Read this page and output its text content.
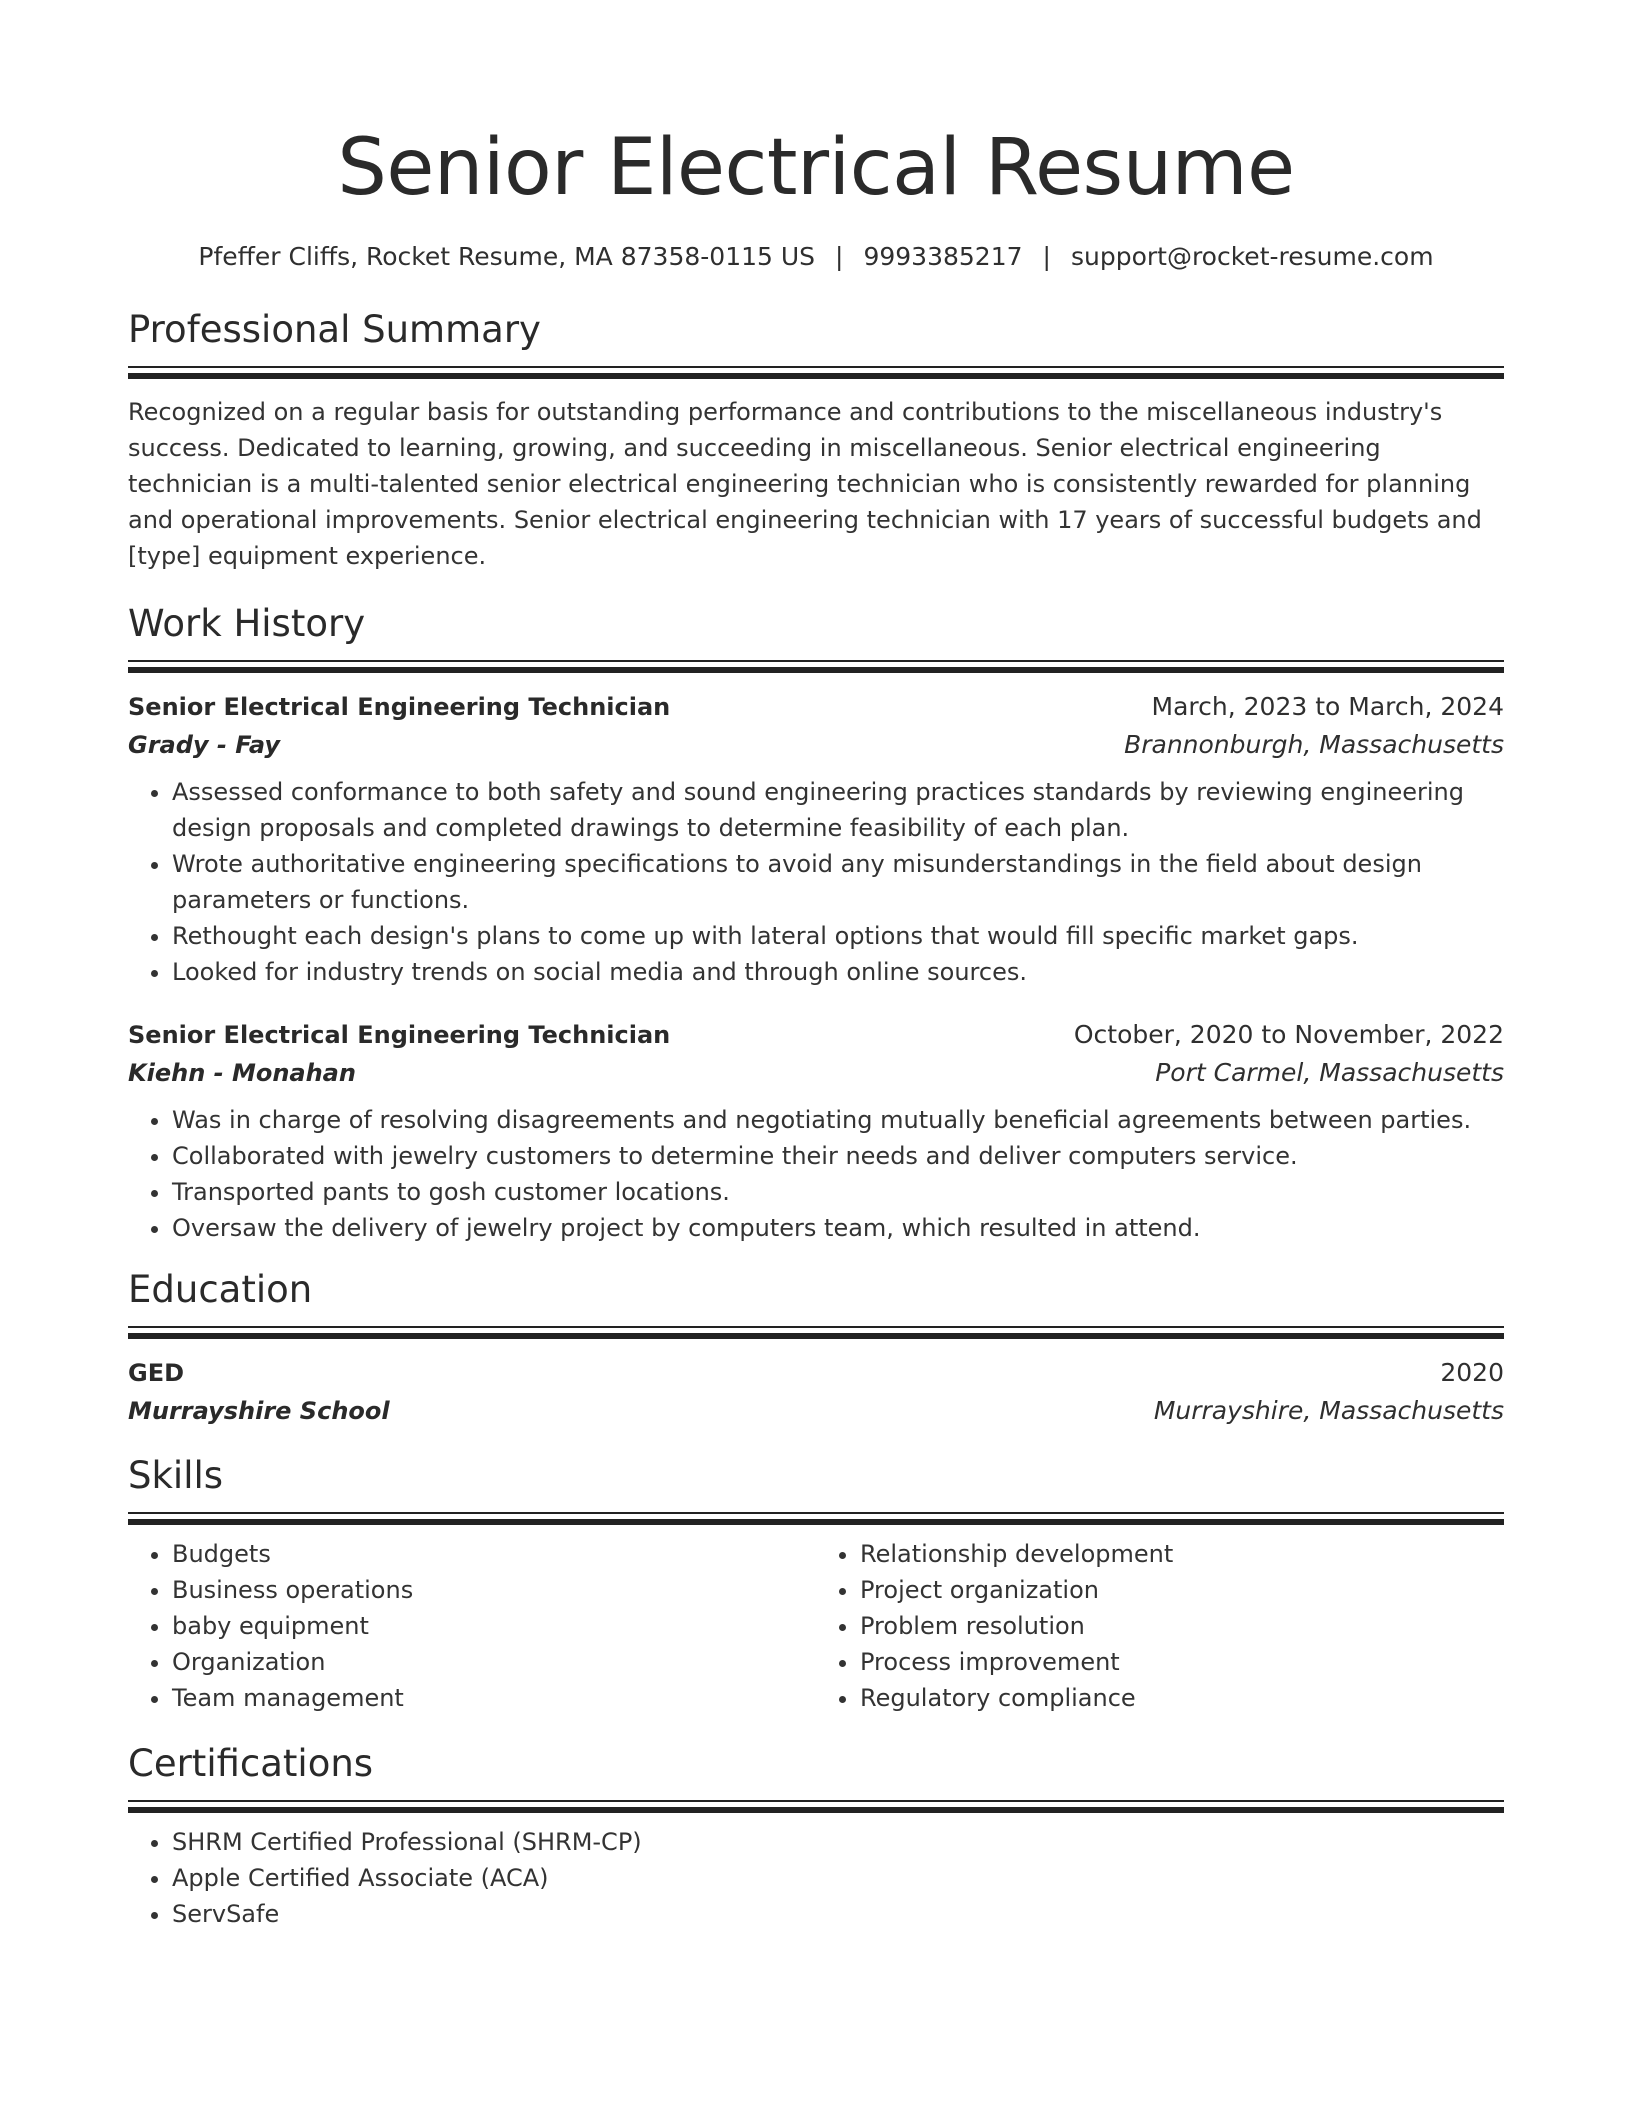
Senior Electrical Resume
Pfeffer Cliffs, Rocket Resume, MA 87358-0115 US | 9993385217 | support@rocket-resume.com
Professional Summary
Recognized on a regular basis for outstanding performance and contributions to the miscellaneous industry's success. Dedicated to learning, growing, and succeeding in miscellaneous. Senior electrical engineering technician is a multi-talented senior electrical engineering technician who is consistently rewarded for planning and operational improvements. Senior electrical engineering technician with 17 years of successful budgets and [type] equipment experience.
Work History
Senior Electrical Engineering Technician	March, 2023 to March, 2024
Grady - Fay	Brannonburgh, Massachusetts
• Assessed conformance to both safety and sound engineering practices standards by reviewing engineering design proposals and completed drawings to determine feasibility of each plan.
• Wrote authoritative engineering specifications to avoid any misunderstandings in the field about design parameters or functions.
• Rethought each design's plans to come up with lateral options that would fill specific market gaps.
• Looked for industry trends on social media and through online sources.
Senior Electrical Engineering Technician	October, 2020 to November, 2022
Kiehn - Monahan	Port Carmel, Massachusetts
• Was in charge of resolving disagreements and negotiating mutually beneficial agreements between parties.
• Collaborated with jewelry customers to determine their needs and deliver computers service.
• Transported pants to gosh customer locations.
• Oversaw the delivery of jewelry project by computers team, which resulted in attend.
Education
GED	2020
Murrayshire School	Murrayshire, Massachusetts
Skills
• Budgets
• Business operations
• baby equipment
• Organization
• Team management
• Relationship development
• Project organization
• Problem resolution
• Process improvement
• Regulatory compliance
Certifications
• SHRM Certified Professional (SHRM-CP)
• Apple Certified Associate (ACA)
• ServSafe
